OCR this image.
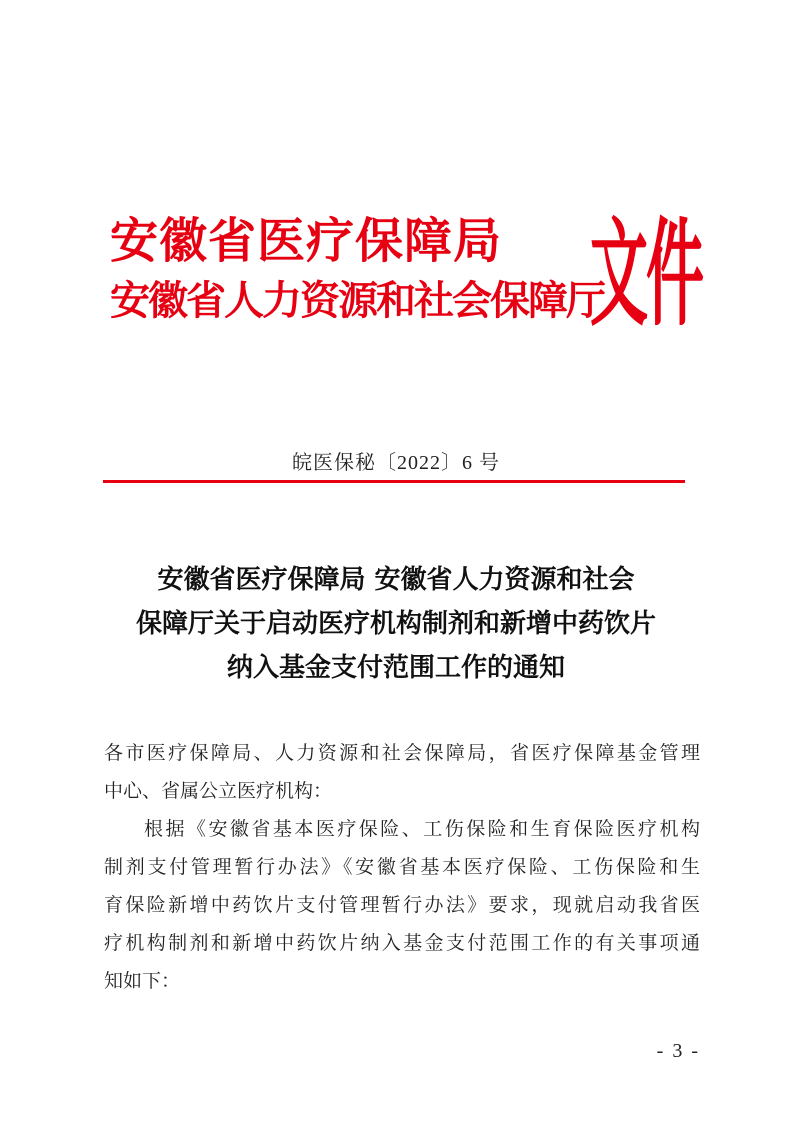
安徽省医疗保障局
安徽省人力资源和社会保障厅
文件
皖医保秘〔2022〕6 号
安徽省医疗保障局 安徽省人力资源和社会
保障厅关于启动医疗机构制剂和新增中药饮片
纳入基金支付范围工作的通知
各市医疗保障局、人力资源和社会保障局，省医疗保障基金管理
中心、省属公立医疗机构：
根据《安徽省基本医疗保险、工伤保险和生育保险医疗机构
制剂支付管理暂行办法》《安徽省基本医疗保险、工伤保险和生
育保险新增中药饮片支付管理暂行办法》要求，现就启动我省医
疗机构制剂和新增中药饮片纳入基金支付范围工作的有关事项通
知如下：
- 3 -
